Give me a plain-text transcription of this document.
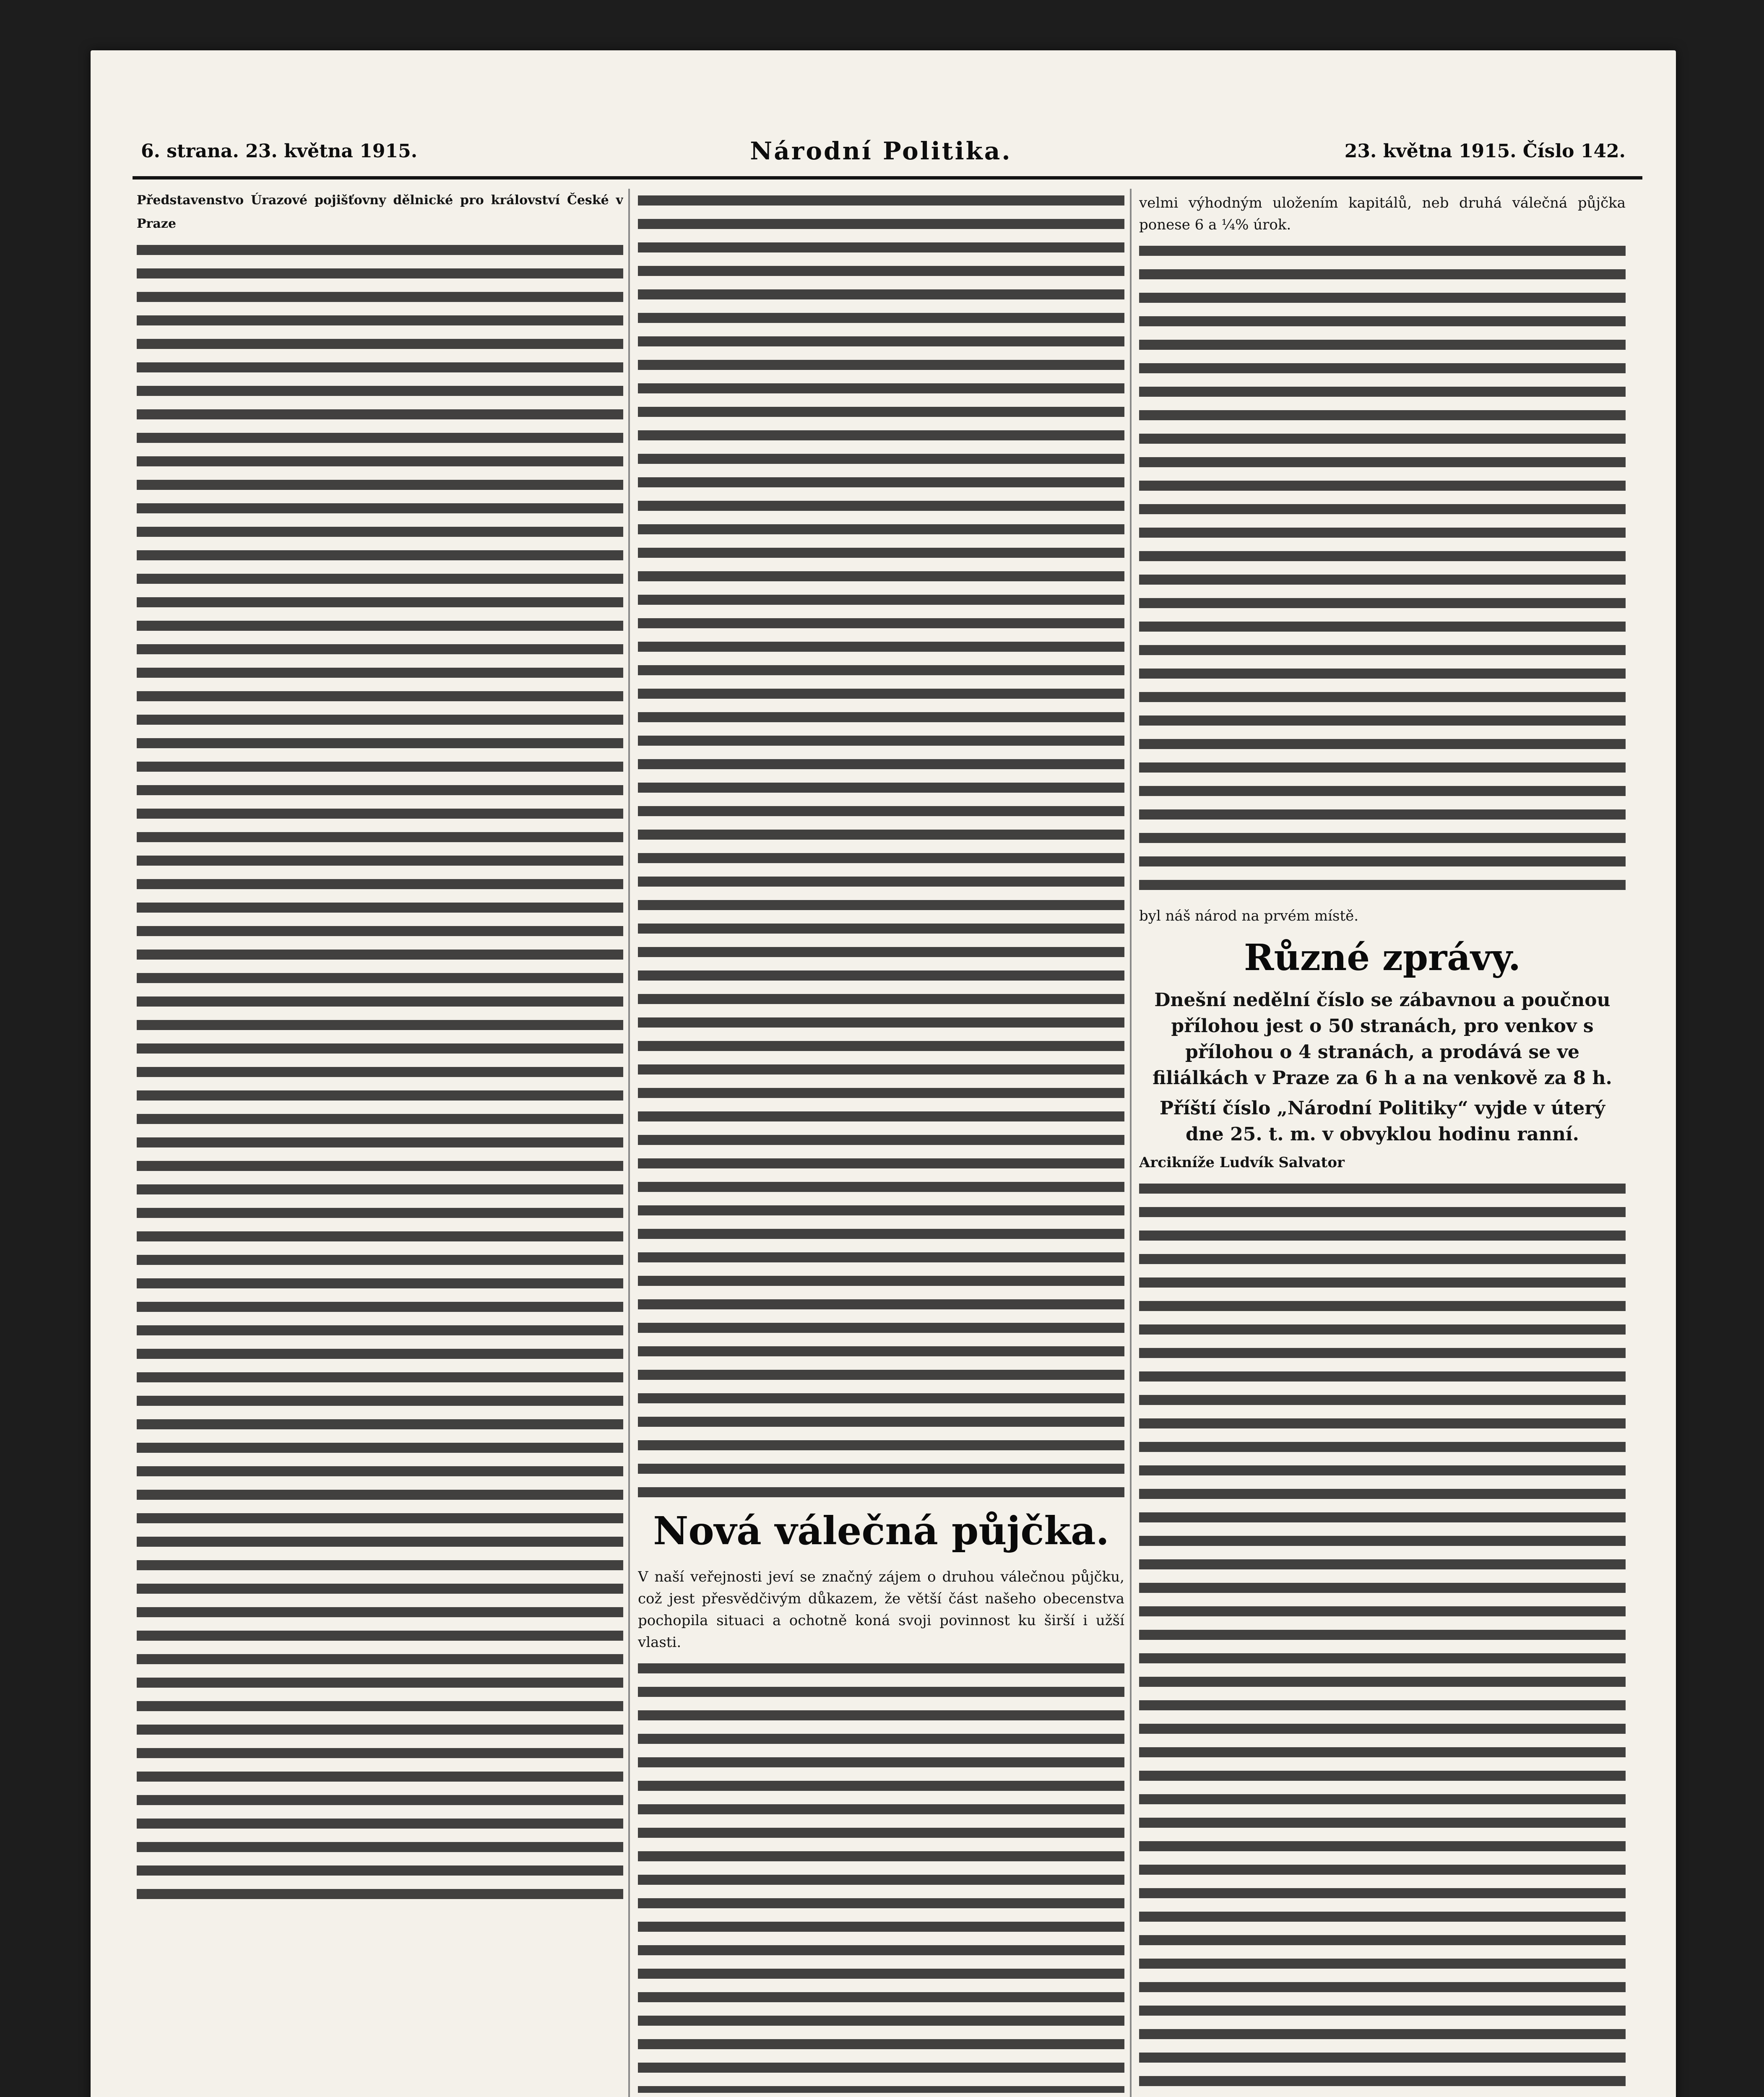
6. strana. 23. května 1915.	Národní Politika.	23. května 1915. Číslo 142.

Představenstvo Úrazové pojišťovny dělnické pro království České v Praze

Nová válečná půjčka.

V naší veřejnosti jeví se značný zájem o druhou válečnou půjčku, což jest přesvědčivým důkazem, že větší část našeho obecenstva pochopila situaci a ochotně koná svoji povinnost ku širší i užší vlasti.

velmi výhodným uložením kapitálů, neb druhá válečná půjčka ponese 6 a ¼% úrok.

byl náš národ na prvém místě.

Různé zprávy.

Dnešní nedělní číslo se zábavnou a poučnou přílohou jest o 50 stranách, pro venkov s přílohou o 4 stranách, a prodává se ve filiálkách v Praze za 6 h a na venkově za 8 h.

Příští číslo „Národní Politiky“ vyjde v úterý dne 25. t. m. v obvyklou hodinu ranní.

Arcikníže Ludvík Salvator
